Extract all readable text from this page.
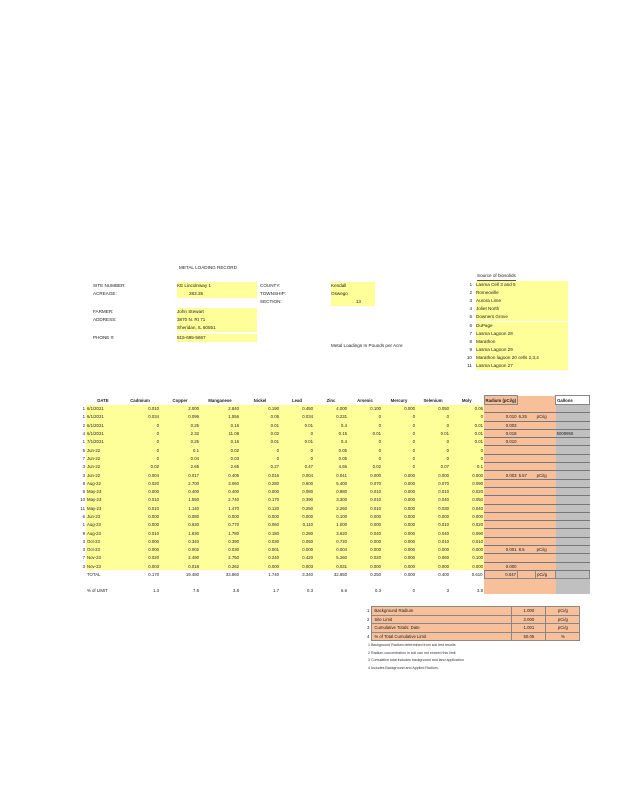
METAL LOADING RECORD
SITE NUMBER:	KE Lincolnway 1
ACREAGE:	283.35
FARMER:	John Stewart
ADDRESS:	3870 N. Rt 71
Sheridan, IL 60551
PHONE #:	815-695-5667
COUNTY:	Kendall
TOWNSHIP:	Oswego
SECTION:	13
Metal Loadings In Pounds per Acre
Source of biosolids
1 Lasma Cell 3 and 5
2 Romeoville
3 Aurora Lime
4 Joliet North
5 Downers Grove
6 DuPage
7 Lasma Lagoon 28
8 Marathon
9 Lasma Lagoon 29
10 Marathon lagoon 20 cells 2,3,4
11 Lasma Lagoon 27
	DATE	Cadmium	Copper	Manganese	Nickel	Lead	Zinc	Arsenic	Mercury	Selenium	Moly	Radium (pCi/g)			Gallons
1	6/1/2021	0.010	2.000	2.840	0.190	0.450	4.000	0.100	0.000	0.050	0.06				
1	6/1/2021	0.034	0.096	1.556	0.05	0.034	0.231	0	0	0	0	0.010	6.25	pCi/g	
2	6/1/2021	0	0.25	0.16	0.01	0.01	0.4	0	0	0	0.01	0.003			
4	6/1/2021	0	2.32	11.08	0.02	0	0.15	0.01	0	0.01	0.01	0.018			5009950
1	7/1/2021	0	0.25	0.16	0.01	0.01	0.4	0	0	0	0.01	0.010			
5	Jun-22	0	0.1	0.02	0	0	0.05	0	0	0	0				
7	Jun-22	0	0.04	0.03	0	0	0.05	0	0	0	0				
3	Jun-22	0.02	2.65	2.65	0.27	0.47	4.66	0.02	0	0.07	0.1				
3	Jun-22	0.004	0.017	0.405	0.016	0.004	0.041	0.000	0.000	0.000	0.000	0.003	5.57	pCi/g	
8	Aug-22	0.020	2.700	3.060	0.280	0.600	5.400	0.070	0.000	0.070	0.090				
9	May-23	0.000	0.400	0.400	0.000	0.080	0.880	0.010	0.000	0.010	0.020				
10	May-23	0.010	1.550	2.740	0.170	0.390	3.300	0.010	0.000	0.040	0.050				
11	May-23	0.010	1.140	1.470	0.120	0.250	2.260	0.010	0.000	0.030	0.040				
6	Jun-23	0.000	0.080	0.000	0.000	0.000	0.100	0.000	0.000	0.000	0.000				
1	Aug-23	0.000	0.630	0.770	0.060	0.110	1.000	0.000	0.000	0.010	0.020				
9	Aug-23	0.010	1.830	1.780	0.180	0.280	3.620	0.040	0.000	0.040	0.090				
3	Oct-23	0.000	0.340	0.390	0.030	0.050	0.720	0.000	0.000	0.010	0.010				
3	Oct-23	0.000	0.002	0.030	0.001	0.000	0.004	0.000	0.000	0.000	0.000	0.001	8.5	pCi/g	
7	Nov-23	0.020	2.490	2.750	0.240	0.420	5.260	0.020	0.000	0.060	0.100				
3	Nov-23	0.003	0.018	0.262	0.000	0.003	0.031	0.000	0.000	0.000	0.000	0.000			
	TOTAL	0.170	19.480	33.860	1.740	3.340	32.850	0.250	0.000	0.400	0.610	0.047		pCi/g	

	% of LIMIT	1.3	7.8	3.8	1.7	0.3	6.6	0.3	0	3	3.8				
1	Background Radium	1.000	pCi/g
2	Site Limit	2.000	pCi/g
3	Cumulative Totals: Date	1.001	pCi/g
4	% of Total Cumulative Limit	50.05	%
1 Background Radium determined from soil test results
2 Radium concentration in soil can not exceed this limit
3 Cumulative total includes background and land application
4 Includes Background and Applied Radium.
